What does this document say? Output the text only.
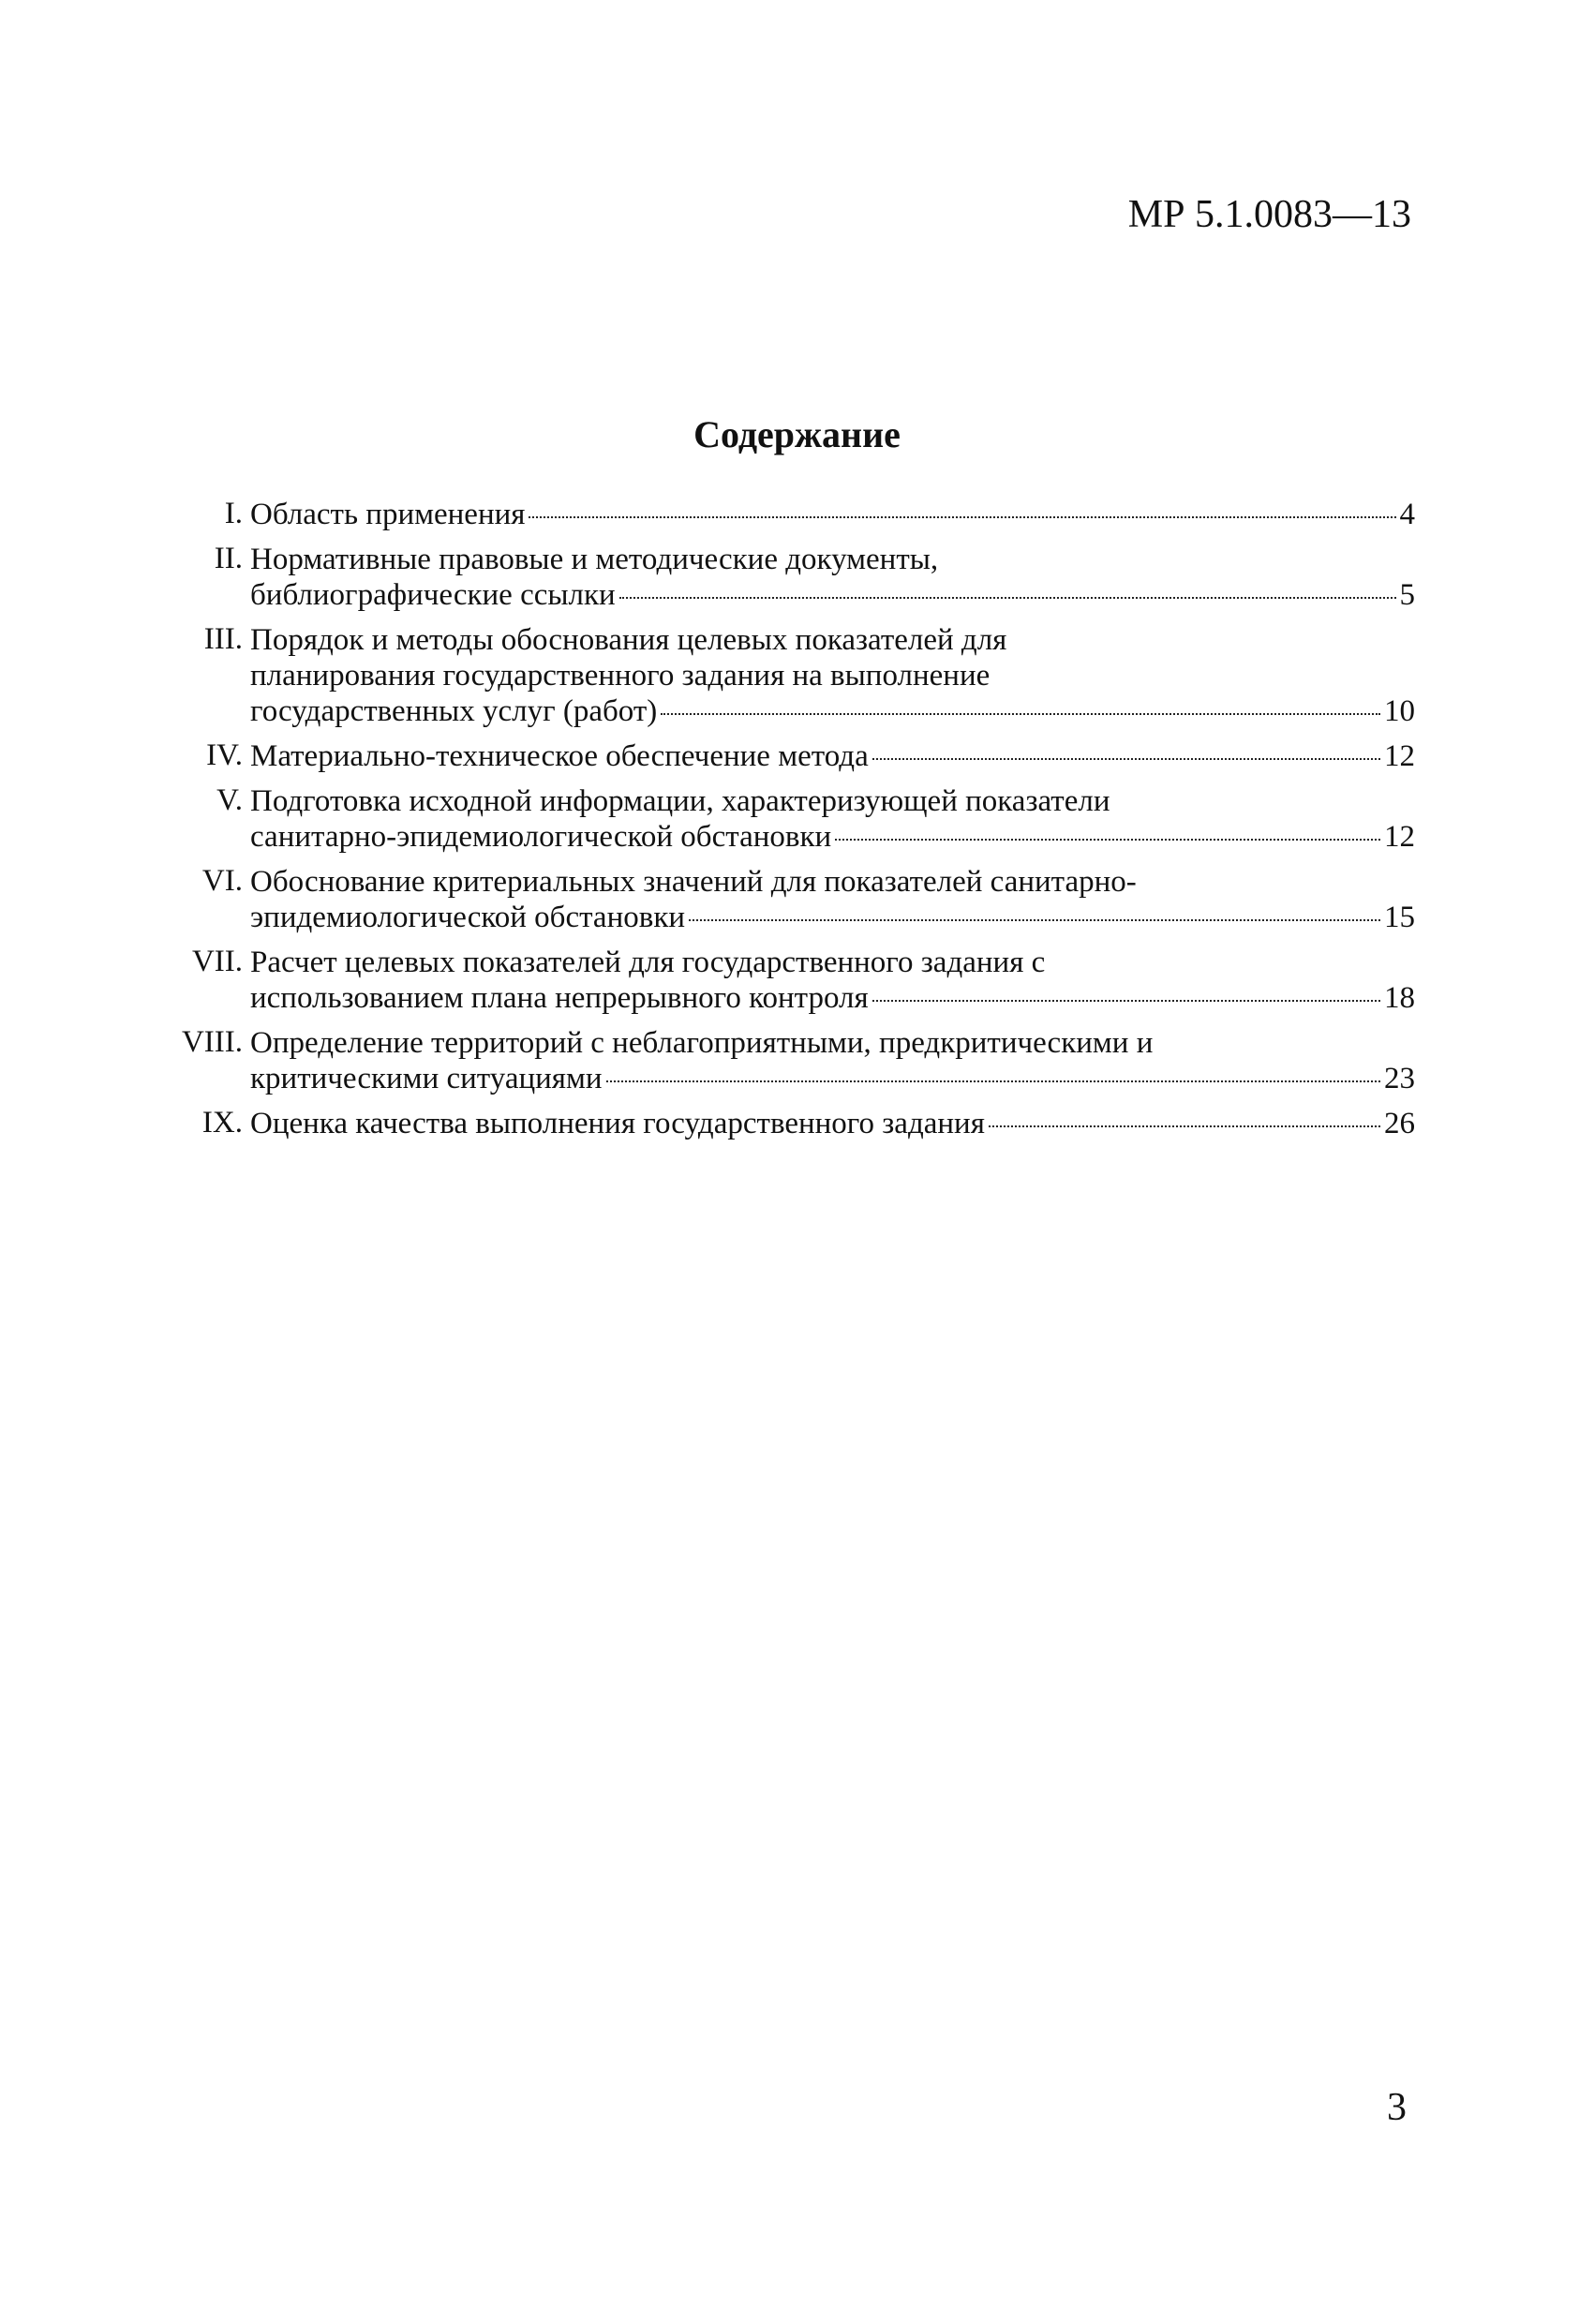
МР 5.1.0083—13
Содержание
I. Область применения	4
II. Нормативные правовые и методические документы,
библиографические ссылки	5
III. Порядок и методы обоснования целевых показателей для
планирования государственного задания на выполнение
государственных услуг (работ)	10
IV. Материально-техническое обеспечение метода	12
V. Подготовка исходной информации, характеризующей показатели
санитарно-эпидемиологической обстановки	12
VI. Обоснование критериальных значений для показателей санитарно-
эпидемиологической обстановки	15
VII. Расчет целевых показателей для государственного задания с
использованием плана непрерывного контроля	18
VIII. Определение территорий с неблагоприятными, предкритическими и
критическими ситуациями	23
IX. Оценка качества выполнения государственного задания	26
3
